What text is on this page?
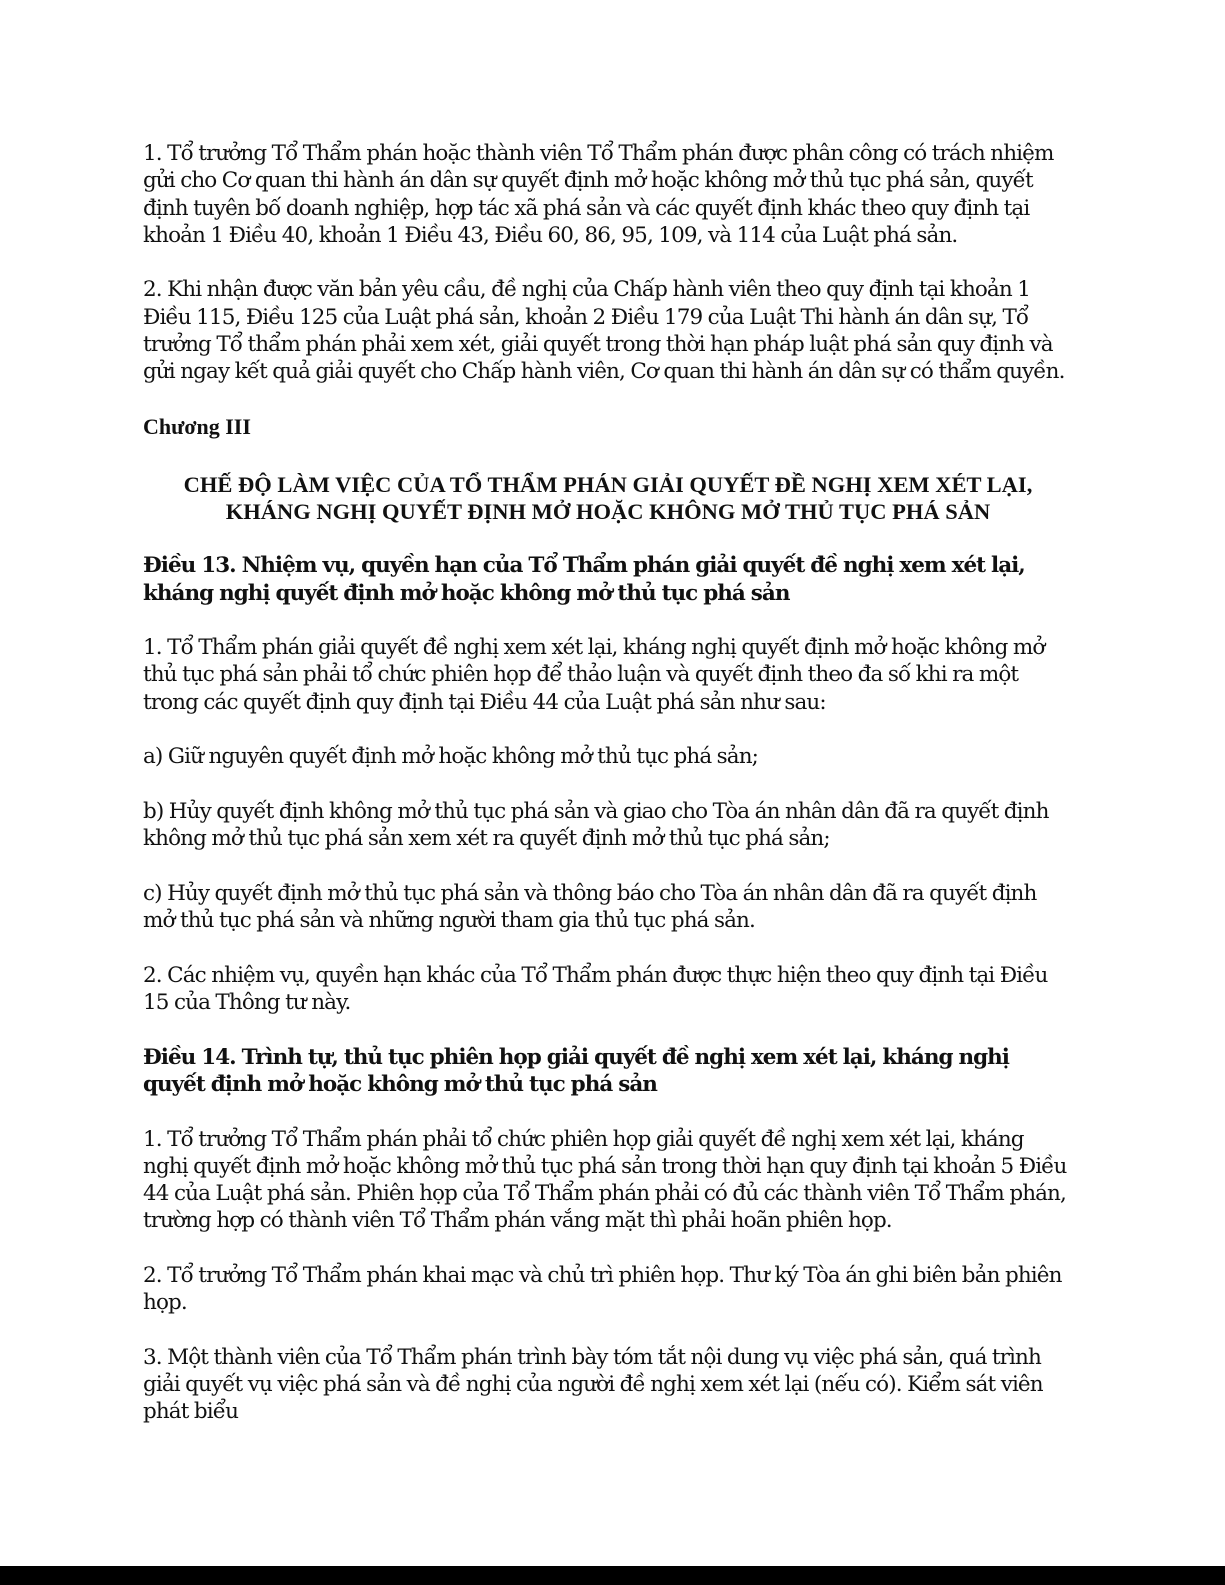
1. Tổ trưởng Tổ Thẩm phán hoặc thành viên Tổ Thẩm phán được phân công có trách nhiệm gửi cho Cơ quan thi hành án dân sự quyết định mở hoặc không mở thủ tục phá sản, quyết định tuyên bố doanh nghiệp, hợp tác xã phá sản và các quyết định khác theo quy định tại khoản 1 Điều 40, khoản 1 Điều 43, Điều 60, 86, 95, 109, và 114 của Luật phá sản.

2. Khi nhận được văn bản yêu cầu, đề nghị của Chấp hành viên theo quy định tại khoản 1 Điều 115, Điều 125 của Luật phá sản, khoản 2 Điều 179 của Luật Thi hành án dân sự, Tổ trưởng Tổ thẩm phán phải xem xét, giải quyết trong thời hạn pháp luật phá sản quy định và gửi ngay kết quả giải quyết cho Chấp hành viên, Cơ quan thi hành án dân sự có thẩm quyền.

Chương III

CHẾ ĐỘ LÀM VIỆC CỦA TỔ THẨM PHÁN GIẢI QUYẾT ĐỀ NGHỊ XEM XÉT LẠI, KHÁNG NGHỊ QUYẾT ĐỊNH MỞ HOẶC KHÔNG MỞ THỦ TỤC PHÁ SẢN

Điều 13. Nhiệm vụ, quyền hạn của Tổ Thẩm phán giải quyết đề nghị xem xét lại, kháng nghị quyết định mở hoặc không mở thủ tục phá sản

1. Tổ Thẩm phán giải quyết đề nghị xem xét lại, kháng nghị quyết định mở hoặc không mở thủ tục phá sản phải tổ chức phiên họp để thảo luận và quyết định theo đa số khi ra một trong các quyết định quy định tại Điều 44 của Luật phá sản như sau:

a) Giữ nguyên quyết định mở hoặc không mở thủ tục phá sản;

b) Hủy quyết định không mở thủ tục phá sản và giao cho Tòa án nhân dân đã ra quyết định không mở thủ tục phá sản xem xét ra quyết định mở thủ tục phá sản;

c) Hủy quyết định mở thủ tục phá sản và thông báo cho Tòa án nhân dân đã ra quyết định mở thủ tục phá sản và những người tham gia thủ tục phá sản.

2. Các nhiệm vụ, quyền hạn khác của Tổ Thẩm phán được thực hiện theo quy định tại Điều 15 của Thông tư này.

Điều 14. Trình tự, thủ tục phiên họp giải quyết đề nghị xem xét lại, kháng nghị quyết định mở hoặc không mở thủ tục phá sản

1. Tổ trưởng Tổ Thẩm phán phải tổ chức phiên họp giải quyết đề nghị xem xét lại, kháng nghị quyết định mở hoặc không mở thủ tục phá sản trong thời hạn quy định tại khoản 5 Điều 44 của Luật phá sản. Phiên họp của Tổ Thẩm phán phải có đủ các thành viên Tổ Thẩm phán, trường hợp có thành viên Tổ Thẩm phán vắng mặt thì phải hoãn phiên họp.

2. Tổ trưởng Tổ Thẩm phán khai mạc và chủ trì phiên họp. Thư ký Tòa án ghi biên bản phiên họp.

3. Một thành viên của Tổ Thẩm phán trình bày tóm tắt nội dung vụ việc phá sản, quá trình giải quyết vụ việc phá sản và đề nghị của người đề nghị xem xét lại (nếu có). Kiểm sát viên phát biểu
